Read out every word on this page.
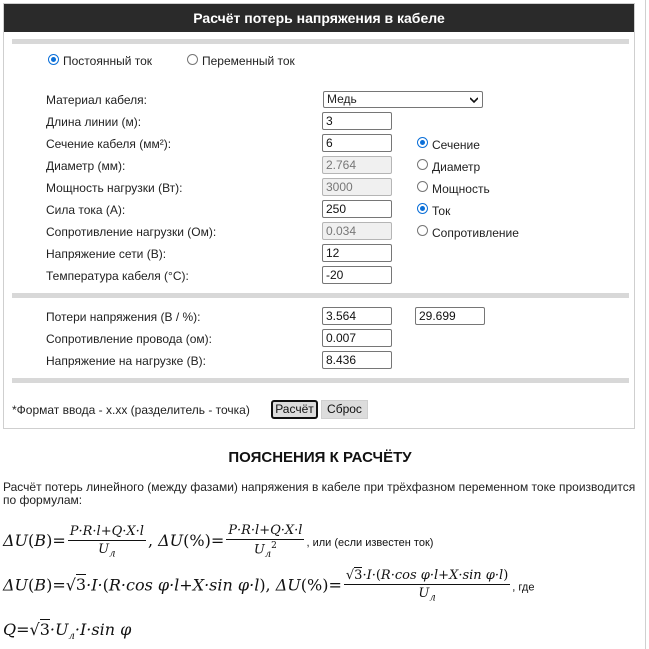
Расчёт потерь напряжения в кабеле
Постоянный ток	Переменный ток
Материал кабеля:	Медь
Длина линии (м):	3
Сечение кабеля (мм²):	6	Сечение
Диаметр (мм):	2.764	Диаметр
Мощность нагрузки (Вт):	3000	Мощность
Сила тока (А):	250	Ток
Сопротивление нагрузки (Ом):	0.034	Сопротивление
Напряжение сети (В):	12
Температура кабеля (°C):	-20
Потери напряжения (В / %):	3.564	29.699
Сопротивление провода (ом):	0.007
Напряжение на нагрузке (В):	8.436
*Формат ввода - x.xx (разделитель - точка)	Расчёт	Сброс
ПОЯСНЕНИЯ К РАСЧЁТУ
Расчёт потерь линейного (между фазами) напряжения в кабеле при трёхфазном переменном токе производится по формулам:
$\Delta U(B)= \frac{P\cdot R\cdot l+Q\cdot X\cdot l}{U_л}$ , $\Delta U(\%)= \frac{P\cdot R\cdot l+Q\cdot X\cdot l}{U_л^2}$ , или (если известен ток)
ΔU(B)=√3·I·(R·cos φ·l+X·sin φ·l), $\Delta U(\%)= \frac{\text{√3·I·(R·cos φ·l+X·sin φ·l)}}{U_л}$ , где
$Q=√3\cdot U_л\cdot I\cdot\sin$ φ
